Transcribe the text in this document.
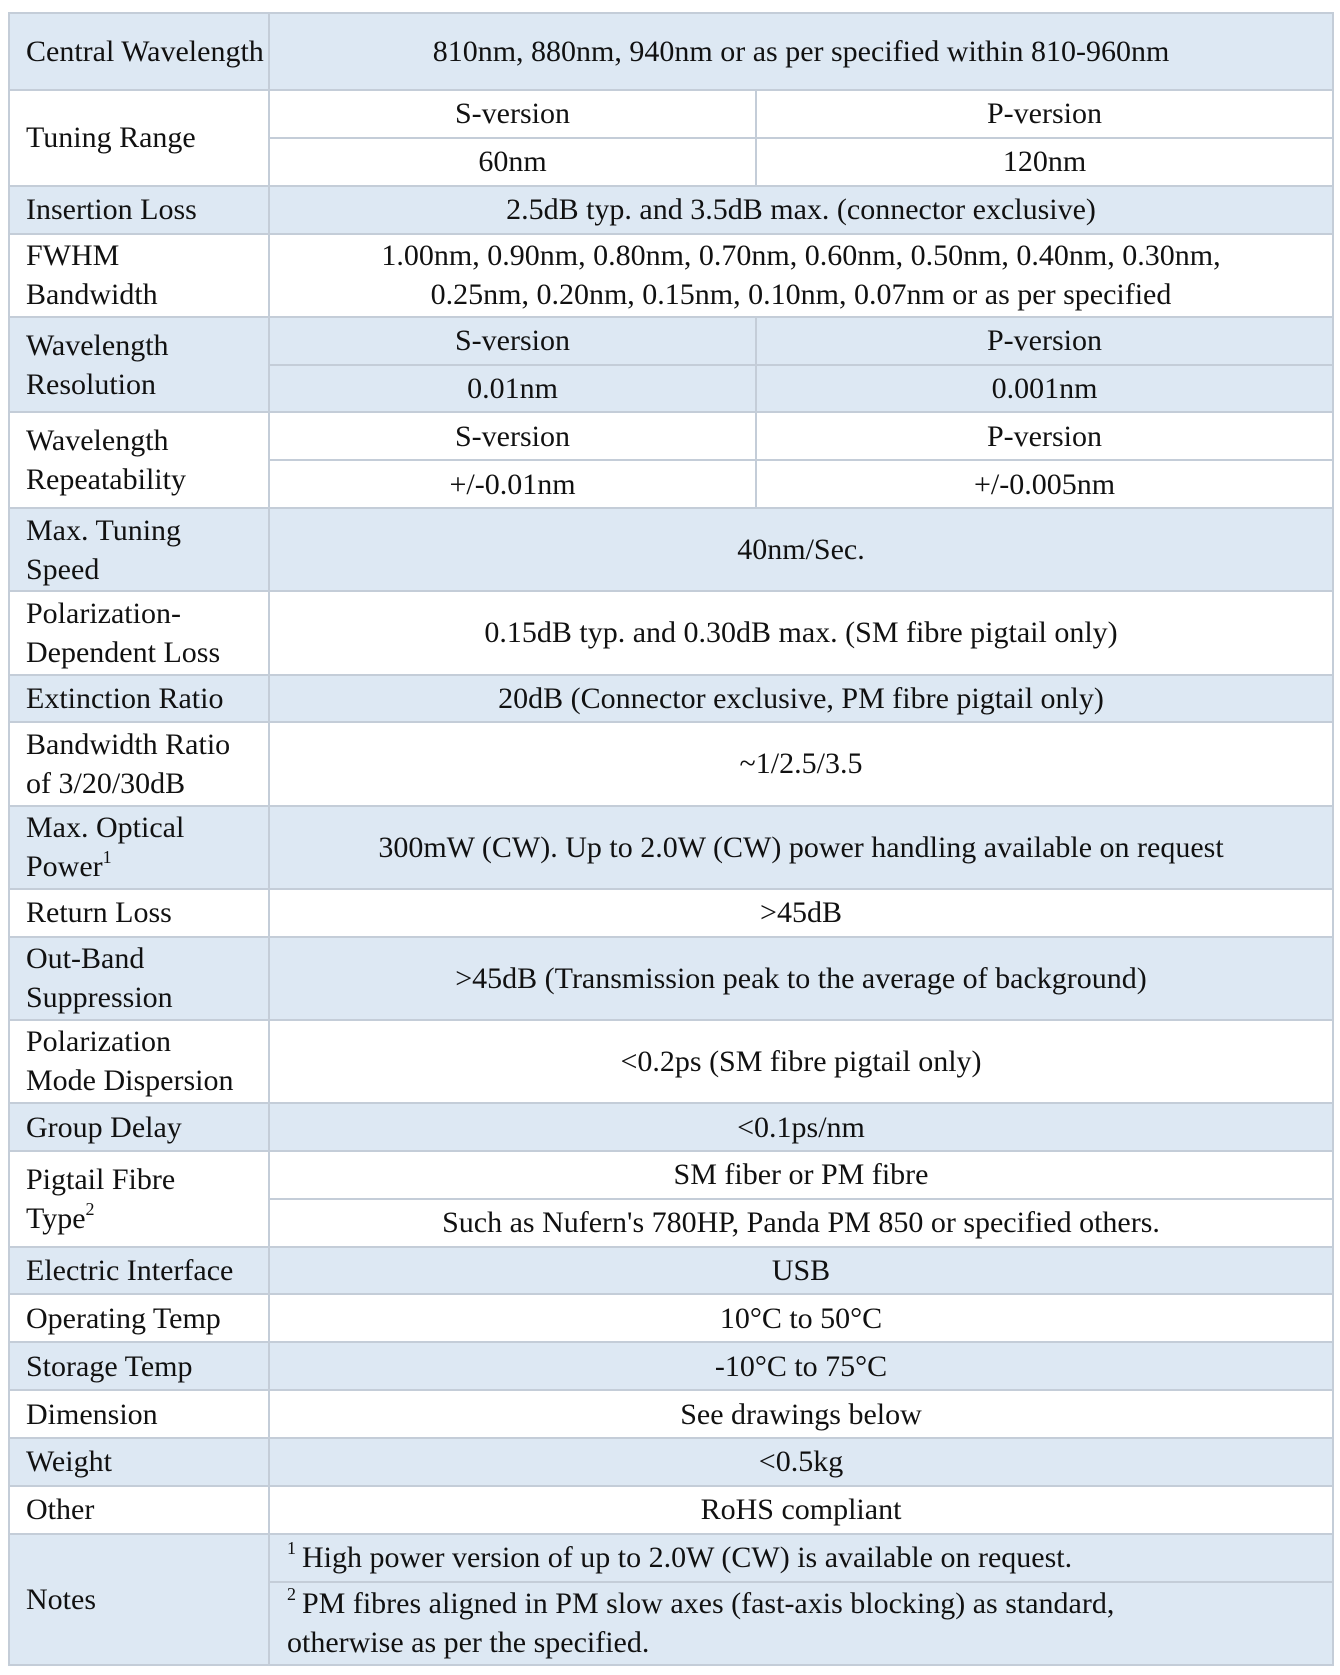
Central Wavelength	810nm, 880nm, 940nm or as per specified within 810-960nm	
Tuning Range	S-version	P-version
	60nm	120nm
Insertion Loss	2.5dB typ. and 3.5dB max. (connector exclusive)	
FWHM
Bandwidth	1.00nm, 0.90nm, 0.80nm, 0.70nm, 0.60nm, 0.50nm, 0.40nm, 0.30nm,
0.25nm, 0.20nm, 0.15nm, 0.10nm, 0.07nm or as per specified	
Wavelength
Resolution	S-version	P-version
	0.01nm	0.001nm
Wavelength
Repeatability	S-version	P-version
	+/-0.01nm	+/-0.005nm
Max. Tuning
Speed	40nm/Sec.	
Polarization-
Dependent Loss	0.15dB typ. and 0.30dB max. (SM fibre pigtail only)	
Extinction Ratio	20dB (Connector exclusive, PM fibre pigtail only)	
Bandwidth Ratio
of 3/20/30dB	~1/2.5/3.5	
Max. Optical
Power$^1$	300mW (CW). Up to 2.0W (CW) power handling available on request	
Return Loss	>45dB	
Out-Band
Suppression	>45dB (Transmission peak to the average of background)	
Polarization
Mode Dispersion	<0.2ps (SM fibre pigtail only)	
Group Delay	<0.1ps/nm	
Pigtail Fibre
Type$^2$	SM fiber or PM fibre	
	Such as Nufern's 780HP, Panda PM 850 or specified others.	
Electric Interface	USB	
Operating Temp	10°C to 50°C	
Storage Temp	-10°C to 75°C	
Dimension	See drawings below	
Weight	<0.5kg	
Other	RoHS compliant	
Notes	$^1$ High power version of up to 2.0W (CW) is available on request.	
	$^2$ PM fibres aligned in PM slow axes (fast-axis blocking) as standard,
otherwise as per the specified.	
